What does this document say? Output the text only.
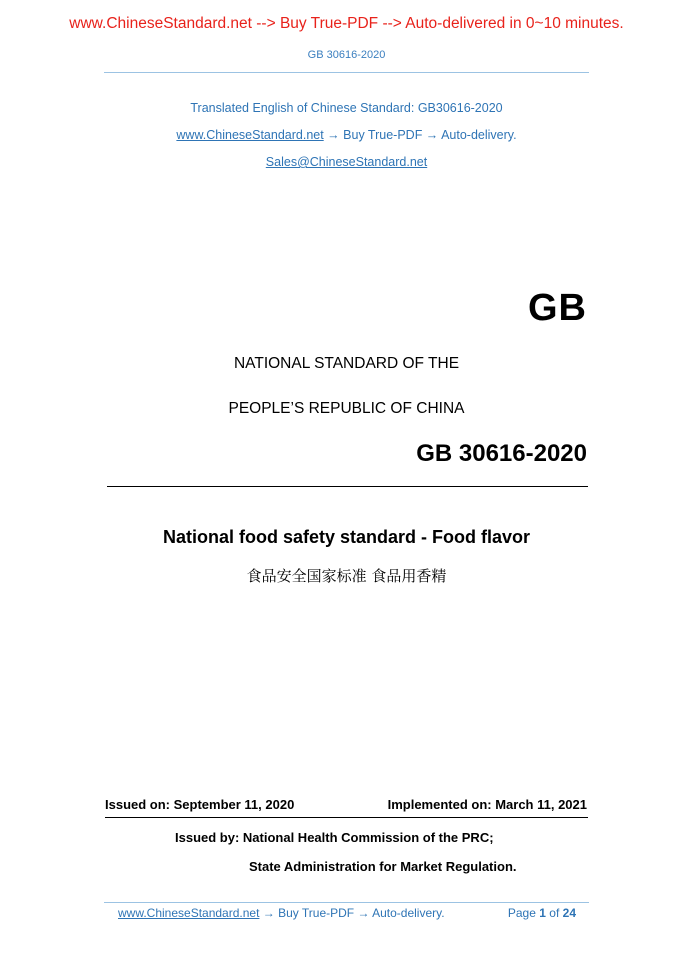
www.ChineseStandard.net --> Buy True-PDF --> Auto-delivered in 0~10 minutes.
GB 30616-2020
Translated English of Chinese Standard: GB30616-2020
www.ChineseStandard.net → Buy True-PDF → Auto-delivery.
Sales@ChineseStandard.net
GB
NATIONAL STANDARD OF THE
PEOPLE’S REPUBLIC OF CHINA
GB 30616-2020
National food safety standard - Food flavor
食品安全国家标准 食品用香精
Issued on: September 11, 2020	Implemented on: March 11, 2021
Issued by: National Health Commission of the PRC;
State Administration for Market Regulation.
www.ChineseStandard.net → Buy True-PDF → Auto-delivery.	Page 1 of 24
